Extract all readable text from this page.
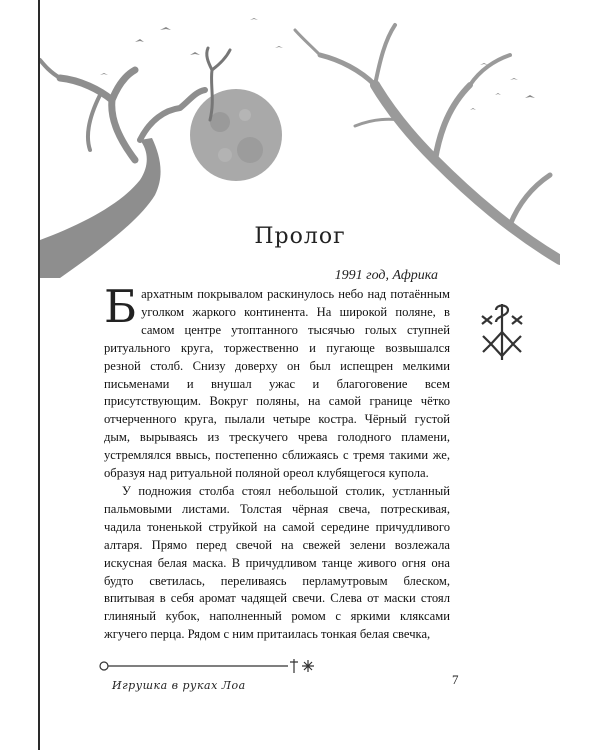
Пролог
1991 год, Африка

Бархатным покрывалом раскинулось небо над потаённым уголком жаркого континента. На широкой поляне, в самом центре утоптанного тысячью голых ступней ритуального круга, торжественно и пугающе возвышался резной столб. Снизу доверху он был испещрен мелкими письменами и внушал ужас и благоговение всем присутствующим. Вокруг поляны, на самой границе чётко отчерченного круга, пылали четыре костра. Чёрный густой дым, вырываясь из трескучего чрева голодного пламени, устремлялся ввысь, постепенно сближаясь с тремя такими же, образуя над ритуальной поляной ореол клубящегося купола.

У подножия столба стоял небольшой столик, устланный пальмовыми листами. Толстая чёрная свеча, потрескивая, чадила тоненькой струйкой на самой середине причудливого алтаря. Прямо перед свечой на свежей зелени возлежала искусная белая маска. В причудливом танце живого огня она будто светилась, переливаясь перламутровым блеском, впитывая в себя аромат чадящей свечи. Слева от маски стоял глиняный кубок, наполненный ромом с яркими кляксами жгучего перца. Рядом с ним притаилась тонкая белая свечка,

Игрушка в руках Лоа	7
